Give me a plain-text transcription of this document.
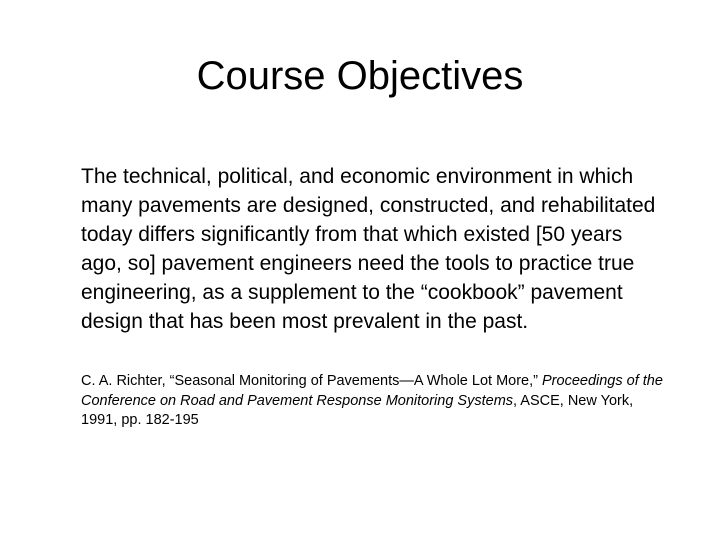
Course Objectives

The technical, political, and economic environment in which many pavements are designed, constructed, and rehabilitated today differs significantly from that which existed [50 years ago, so] pavement engineers need the tools to practice true engineering, as a supplement to the “cookbook” pavement design that has been most prevalent in the past.

C. A. Richter, “Seasonal Monitoring of Pavements—A Whole Lot More,” Proceedings of the Conference on Road and Pavement Response Monitoring Systems, ASCE, New York, 1991, pp. 182-195
